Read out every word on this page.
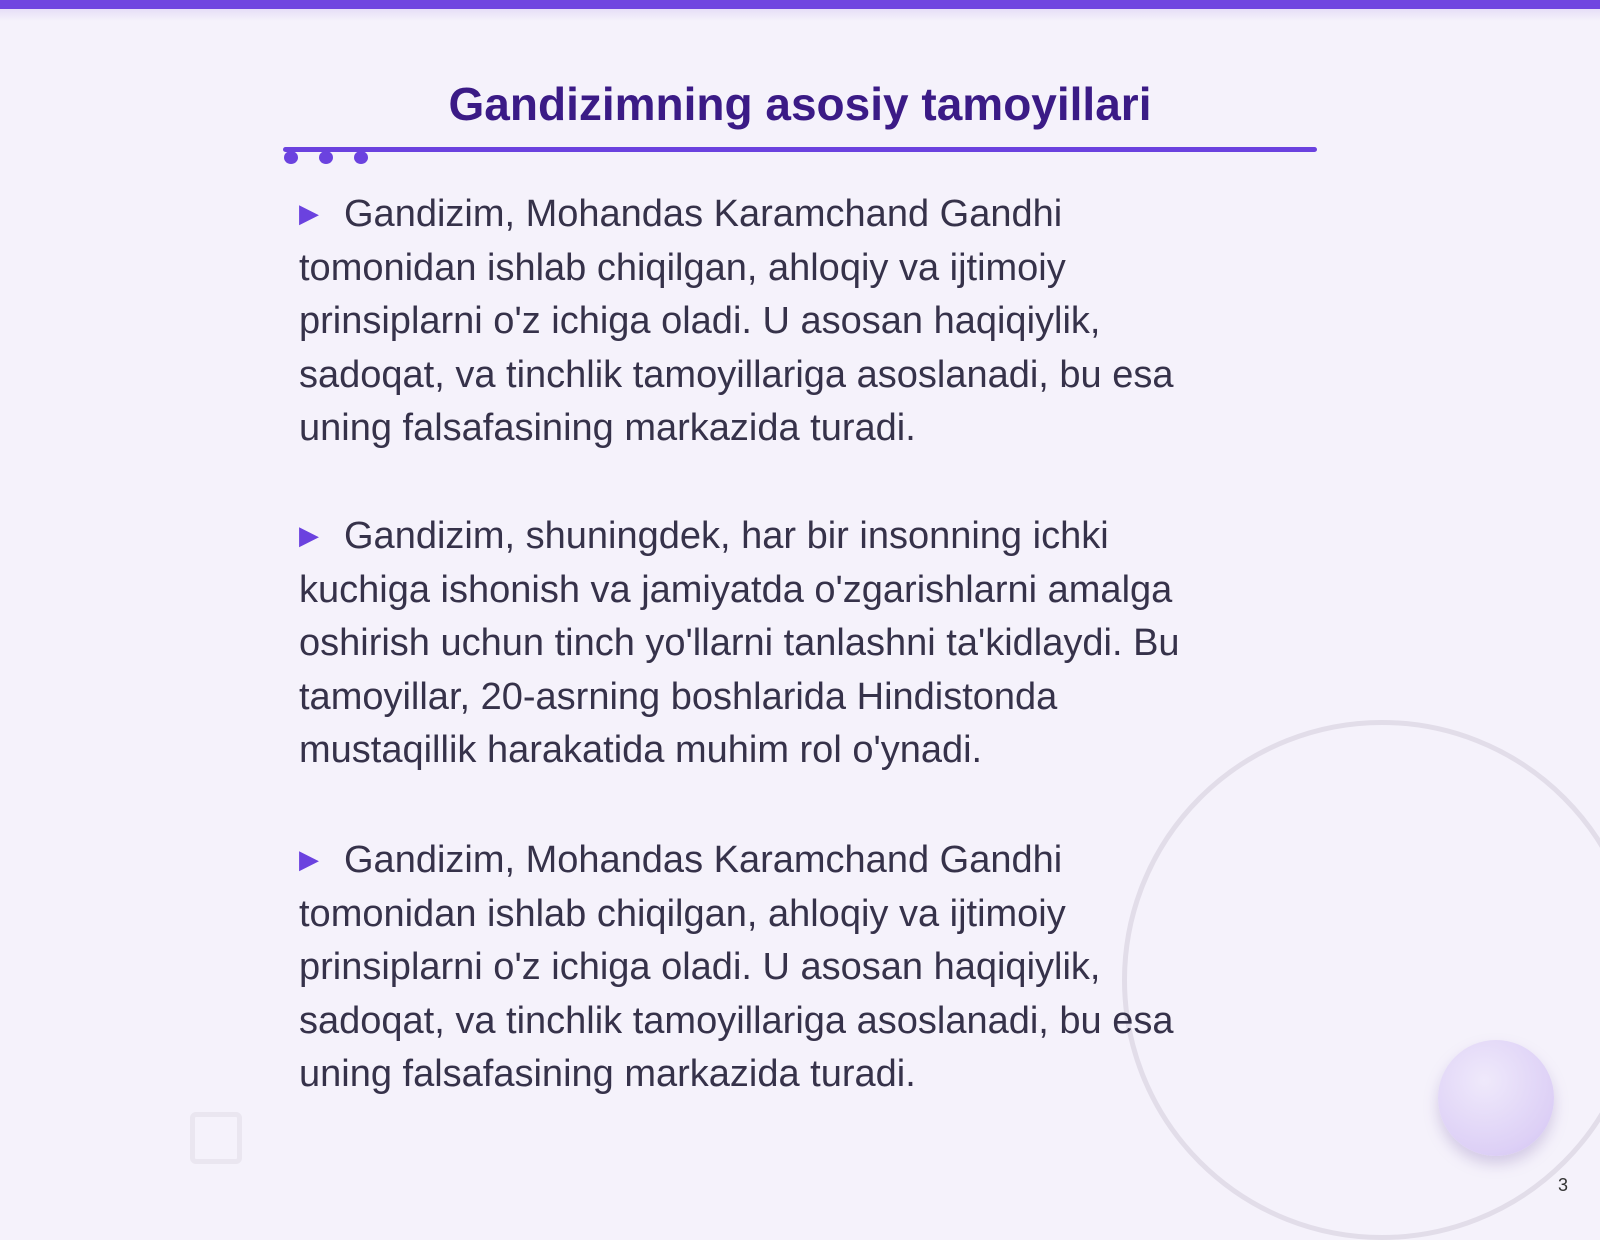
Gandizimning asosiy tamoyillari
▶ Gandizim, Mohandas Karamchand Gandhi
tomonidan ishlab chiqilgan, ahloqiy va ijtimoiy
prinsiplarni o'z ichiga oladi. U asosan haqiqiylik,
sadoqat, va tinchlik tamoyillariga asoslanadi, bu esa
uning falsafasining markazida turadi.
▶ Gandizim, shuningdek, har bir insonning ichki
kuchiga ishonish va jamiyatda o'zgarishlarni amalga
oshirish uchun tinch yo'llarni tanlashni ta'kidlaydi. Bu
tamoyillar, 20-asrning boshlarida Hindistonda
mustaqillik harakatida muhim rol o'ynadi.
▶ Gandizim, Mohandas Karamchand Gandhi
tomonidan ishlab chiqilgan, ahloqiy va ijtimoiy
prinsiplarni o'z ichiga oladi. U asosan haqiqiylik,
sadoqat, va tinchlik tamoyillariga asoslanadi, bu esa
uning falsafasining markazida turadi.
3
